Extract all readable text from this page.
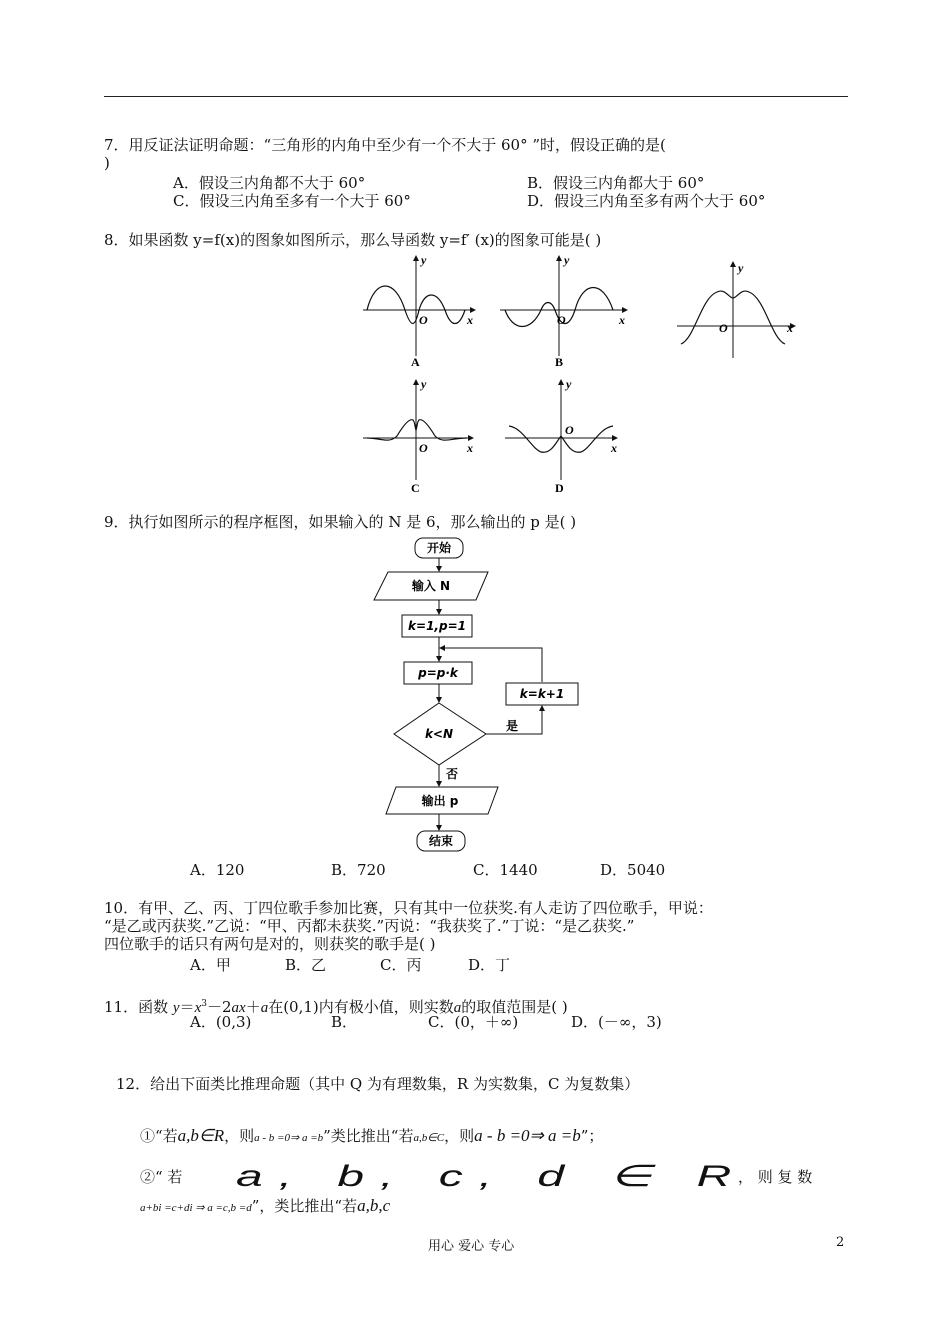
7．用反证法证明命题：“三角形的内角中至少有一个不大于 60° ”时，假设正确的是(
)
A．假设三内角都不大于 60°	B．假设三内角都大于 60°
C．假设三内角至多有一个大于 60°	D．假设三内角至多有两个大于 60°
8．如果函数 y=f(x)的图象如图所示，那么导函数 y=f′ (x)的图象可能是( )
y
x
O
A
y
x
O
B
y
x
O
y
x
O
C
y
x
O
D
9．执行如图所示的程序框图，如果输入的 N 是 6，那么输出的 p 是( )
开始
输入 N
k=1,p=1
p=p·k
k=k+1
k<N
是
否
输出 p
结束
A．120	B．720	C．1440	D．5040
10．有甲、乙、丙、丁四位歌手参加比赛，只有其中一位获奖.有人走访了四位歌手，甲说：
“是乙或丙获奖.”乙说：“甲、丙都未获奖.”丙说：“我获奖了.”丁说：“是乙获奖.”
四位歌手的话只有两句是对的，则获奖的歌手是( )
A．甲	B．乙	C．丙	D．丁
11．函数 $y=x^3-2ax+a$在(0,1)内有极小值，则实数a的取值范围是( )
A．(0,3)	B．	C．(0，＋∞)	D．(－∞，3)
12．给出下面类比推理命题（其中 Q 为有理数集，R 为实数集，C 为复数集）
①“若a,b∈R，则a - b =0⇒ a =b”类比推出“若a,b∈C，则a - b =0⇒ a =b”；
②“ 若 a, b, c, d ∈ R
， 则 复 数
a+bi =c+di ⇒ a =c,b =d”，类比推出“若a,b,c
用心 爱心 专心	2
